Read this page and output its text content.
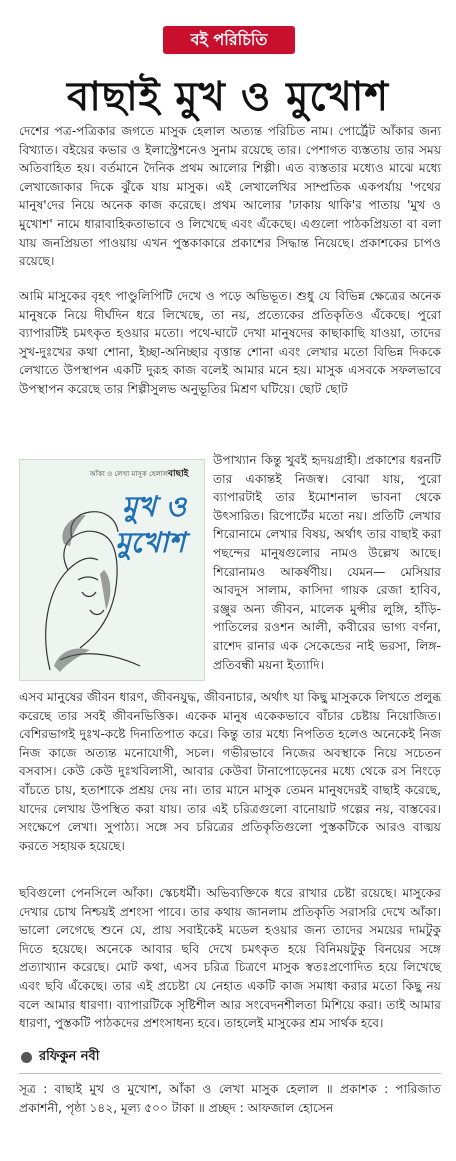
বই পরিচিতি
বাছাই মুখ ও মুখোশ

দেশের পত্র-পত্রিকার জগতে মাসুক হেলাল অত্যন্ত পরিচিত নাম। পোর্ট্রেট আঁকার জন্য বিখ্যাত। বইয়ের কভার ও ইলাস্ট্রেশনেও সুনাম রয়েছে তার। পেশাগত ব্যস্ততায় তার সময় অতিবাহিত হয়। বর্তমানে দৈনিক প্রথম আলোর শিল্পী। এত ব্যস্ততার মধ্যেও মাঝে মধ্যে লেখাজোকার দিকে ঝুঁকে যায় মাসুক। এই লেখালেখির সাম্প্রতিক একপর্যায় 'পথের মানুষ'দের নিয়ে অনেক কাজ করেছে। প্রথম আলোর 'ঢাকায় থাকি'র পাতায় 'মুখ ও মুখোশ' নামে ধারাবাহিকতাভাবে ও লিখেছে এবং এঁকেছে। এগুলো পাঠকপ্রিয়তা বা বলা যায় জনপ্রিয়তা পাওয়ায় এখন পুস্তকাকারে প্রকাশের সিদ্ধান্ত নিয়েছে। প্রকাশকের চাপও রয়েছে।

আমি মাসুকের বৃহৎ পাণ্ডুলিপিটি দেখে ও পড়ে অভিভূত। শুধু যে বিভিন্ন ক্ষেত্রের অনেক মানুষকে নিয়ে দীর্ঘদিন ধরে লিখেছে, তা নয়, প্রত্যেকের প্রতিকৃতিও এঁকেছে। পুরো ব্যাপারটিই চমৎকৃত হওয়ার মতো। পথে-ঘাটে দেখা মানুষদের কাছাকাছি যাওয়া, তাদের সুখ-দুঃখের কথা শোনা, ইচ্ছা-অনিচ্ছার বৃত্তান্ত শোনা এবং লেখার মতো বিভিন্ন দিককে লেখাতে উপস্থাপন একটি দুরূহ কাজ বলেই আমার মনে হয়। মাসুক এসবকে সফলভাবে উপস্থাপন করেছে তার শিল্পীসুলভ অনুভূতির মিশ্রণ ঘটিয়ে। ছোট ছোট

আঁকা ও লেখা মাসুক হেলাল বাছাই
মুখ ও
মুখোশ

উপাখ্যান কিন্তু খুবই হৃদয়গ্রাহী। প্রকাশের ধরনটি তার একান্তই নিজস্ব। বোঝা যায়, পুরো ব্যাপারটাই তার ইমোশনাল ভাবনা থেকে উৎসারিত। রিপোর্টের মতো নয়। প্রতিটি লেখার শিরোনামে লেখার বিষয়, অর্থাৎ তার বাছাই করা পছন্দের মানুষগুলোর নামও উল্লেখ আছে। শিরোনামও আকর্ষণীয়। যেমন— মেসিয়ার আবদুস সালাম, কাসিদা গায়ক রেজা হাবিব, রঞ্জুর অন্য জীবন, মালেক মুন্সীর লুঙ্গি, হাঁড়ি-পাতিলের রওশন আলী, কবীরের ভাগ্য বর্ণনা, রাশেদ রানার এক সেকেন্ডের নাই ভরসা, লিঙ্গ-প্রতিবন্ধী ময়না ইত্যাদি।

এসব মানুষের জীবন ধারণ, জীবনযুদ্ধ, জীবনাচার, অর্থাৎ যা কিছু মাসুককে লিখতে প্রলুব্ধ করেছে তার সবই জীবনভিত্তিক। একেক মানুষ একেকভাবে বাঁচার চেষ্টায় নিয়োজিত। বেশিরভাগই দুঃখ-কষ্টে দিনাতিপাত করে। কিন্তু তার মধ্যে নিপতিত হলেও অনেকেই নিজ নিজ কাজে অত্যন্ত মনোযোগী, সচল। গভীরভাবে নিজের অবস্থাকে নিয়ে সচেতন বসবাস। কেউ কেউ দুঃখবিলাসী, আবার কেউবা টানাপোড়েনের মধ্যে থেকে রস নিংড়ে বাঁচতে চায়, হতাশাকে প্রশ্রয় দেয় না। তার মানে মাসুক তেমন মানুষদেরই বাছাই করেছে, যাদের লেখায় উপস্থিত করা যায়। তার এই চরিত্রগুলো বানোয়াট গল্পের নয়, বাস্তবের। সংক্ষেপে লেখা। সুপাঠ্য। সঙ্গে সব চরিত্রের প্রতিকৃতিগুলো পুস্তকটিকে আরও বাঙ্ময় করতে সহায়ক হয়েছে।

ছবিগুলো পেনসিলে আঁকা। স্কেচধর্মী। অভিব্যক্তিকে ধরে রাখার চেষ্টা রয়েছে। মাসুকের দেখার চোখ নিশ্চয়ই প্রশংসা পাবে। তার কথায় জানলাম প্রতিকৃতি সরাসরি দেখে আঁকা। ভালো লেগেছে শুনে যে, প্রায় সবাইকেই মডেল হওয়ার জন্য তাদের সময়ের দামটুকু দিতে হয়েছে। অনেকে আবার ছবি দেখে চমৎকৃত হয়ে বিনিময়টুকু বিনয়ের সঙ্গে প্রত্যাখ্যান করেছে। মোট কথা, এসব চরিত্র চিত্রণে মাসুক স্বতঃপ্রণোদিত হয়ে লিখেছে এবং ছবি এঁকেছে। তার এই প্রচেষ্টা যে নেহাত একটি কাজ সমাধা করার মতো কিছু নয় বলে আমার ধারণা। ব্যাপারটিকে সৃষ্টিশীল আর সংবেদনশীলতা মিশিয়ে করা। তাই আমার ধারণা, পুস্তকটি পাঠকদের প্রশংসাধন্য হবে। তাহলেই মাসুকের শ্রম সার্থক হবে।

রফিকুন নবী

সূত্র : বাছাই মুখ ও মুখোশ, আঁকা ও লেখা মাসুক হেলাল ॥ প্রকাশক : পারিজাত প্রকাশনী, পৃষ্ঠা ১৪২, মূল্য ৫০০ টাকা ॥ প্রচ্ছদ : আফজাল হোসেন
